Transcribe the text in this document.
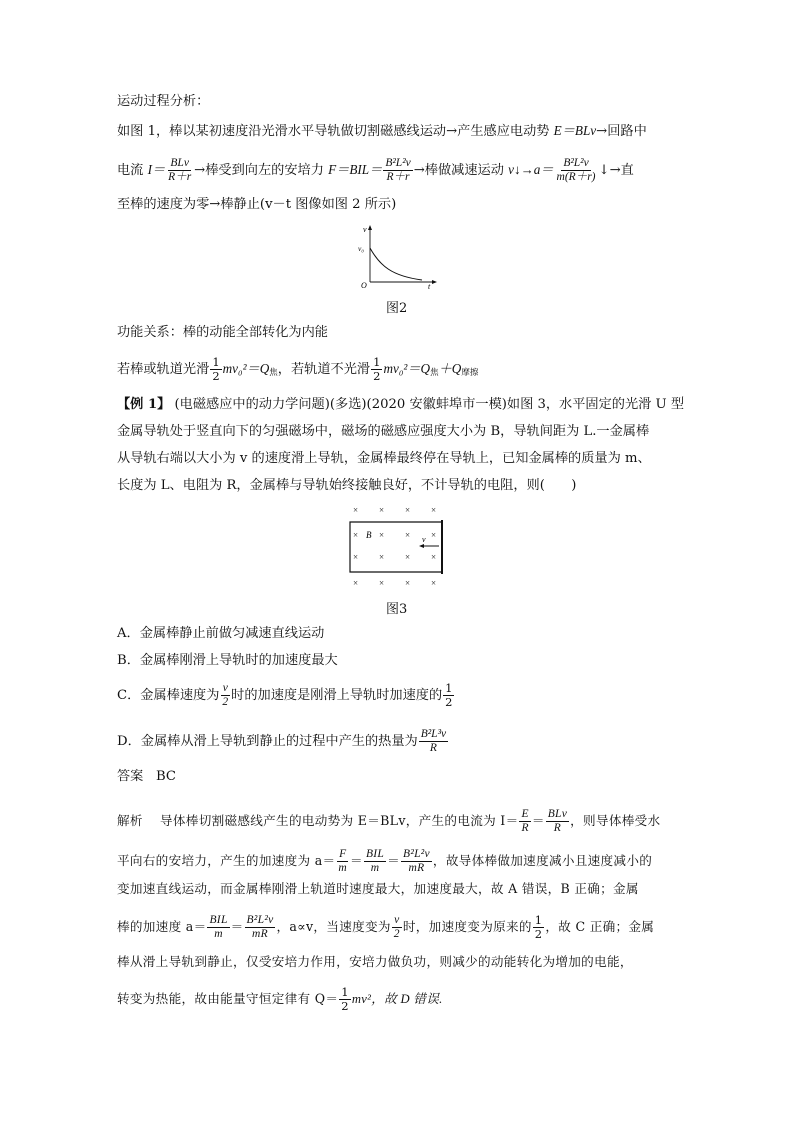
运动过程分析：
如图 1，棒以某初速度沿光滑水平导轨做切割磁感线运动→产生感应电动势 E＝BLv→回路中
电流 $I= \frac{\text{BLv}}{R+r}$ →棒受到向左的安培力 $F=BIL= \frac{\text{B²L²v}}{R+r}$ →棒做减速运动 v↓→a＝ $\frac{\text{B²L²v}}{m(R+r)}$ ↓→直
至棒的速度为零→棒静止(v－t 图像如图 2 所示)
v
v₀
O	t
图2
功能关系：棒的动能全部转化为内能
若棒或轨道光滑 $\frac{1}{2} mv_0^2=Q_焦$，若轨道不光滑 $\frac{1}{2} mv_0^2=Q_焦+Q_{摩擦}$
【例 1】 (电磁感应中的动力学问题)(多选)(2020 安徽蚌埠市一模)如图 3，水平固定的光滑 U 型
金属导轨处于竖直向下的匀强磁场中，磁场的磁感应强度大小为 B，导轨间距为 L.一金属棒
从导轨右端以大小为 v 的速度滑上导轨，金属棒最终停在导轨上，已知金属棒的质量为 m、
长度为 L、电阻为 R，金属棒与导轨始终接触良好，不计导轨的电阻，则(　　)
× × × ×
×	× ×
× × × ×
× × × ×
×
B	v
图3
A．金属棒静止前做匀减速直线运动
B．金属棒刚滑上导轨时的加速度最大
C．金属棒速度为 $\frac{v}{2}$ 时的加速度是刚滑上导轨时加速度的 $\frac{1}{2}$
D．金属棒从滑上导轨到静止的过程中产生的热量为 $\frac{\text{B²L³v}}{R}$
答案 BC
解析 导体棒切割磁感线产生的电动势为 E＝BLv，产生的电流为 $I= \frac{E}{R} = \frac{\text{BLv}}{R}$ ，则导体棒受水
平向右的安培力，产生的加速度为 $a= \frac{F}{m} = \frac{\text{BIL}}{m} = \frac{\text{B²L²v}}{mR}$ ，故导体棒做加速度减小且速度减小的
变加速直线运动，而金属棒刚滑上轨道时速度最大，加速度最大，故 A 错误，B 正确；金属
棒的加速度 $a= \frac{\text{BIL}}{m} = \frac{\text{B²L²v}}{mR}$ ，a∝v，当速度变为 $\frac{v}{2}$ 时，加速度变为原来的 $\frac{1}{2}$ ，故 C 正确；金属
棒从滑上导轨到静止，仅受安培力作用，安培力做负功，则减少的动能转化为增加的电能，
转变为热能，故由能量守恒定律有 $Q= \frac{1}{2} mv^2$，故 D 错误.
